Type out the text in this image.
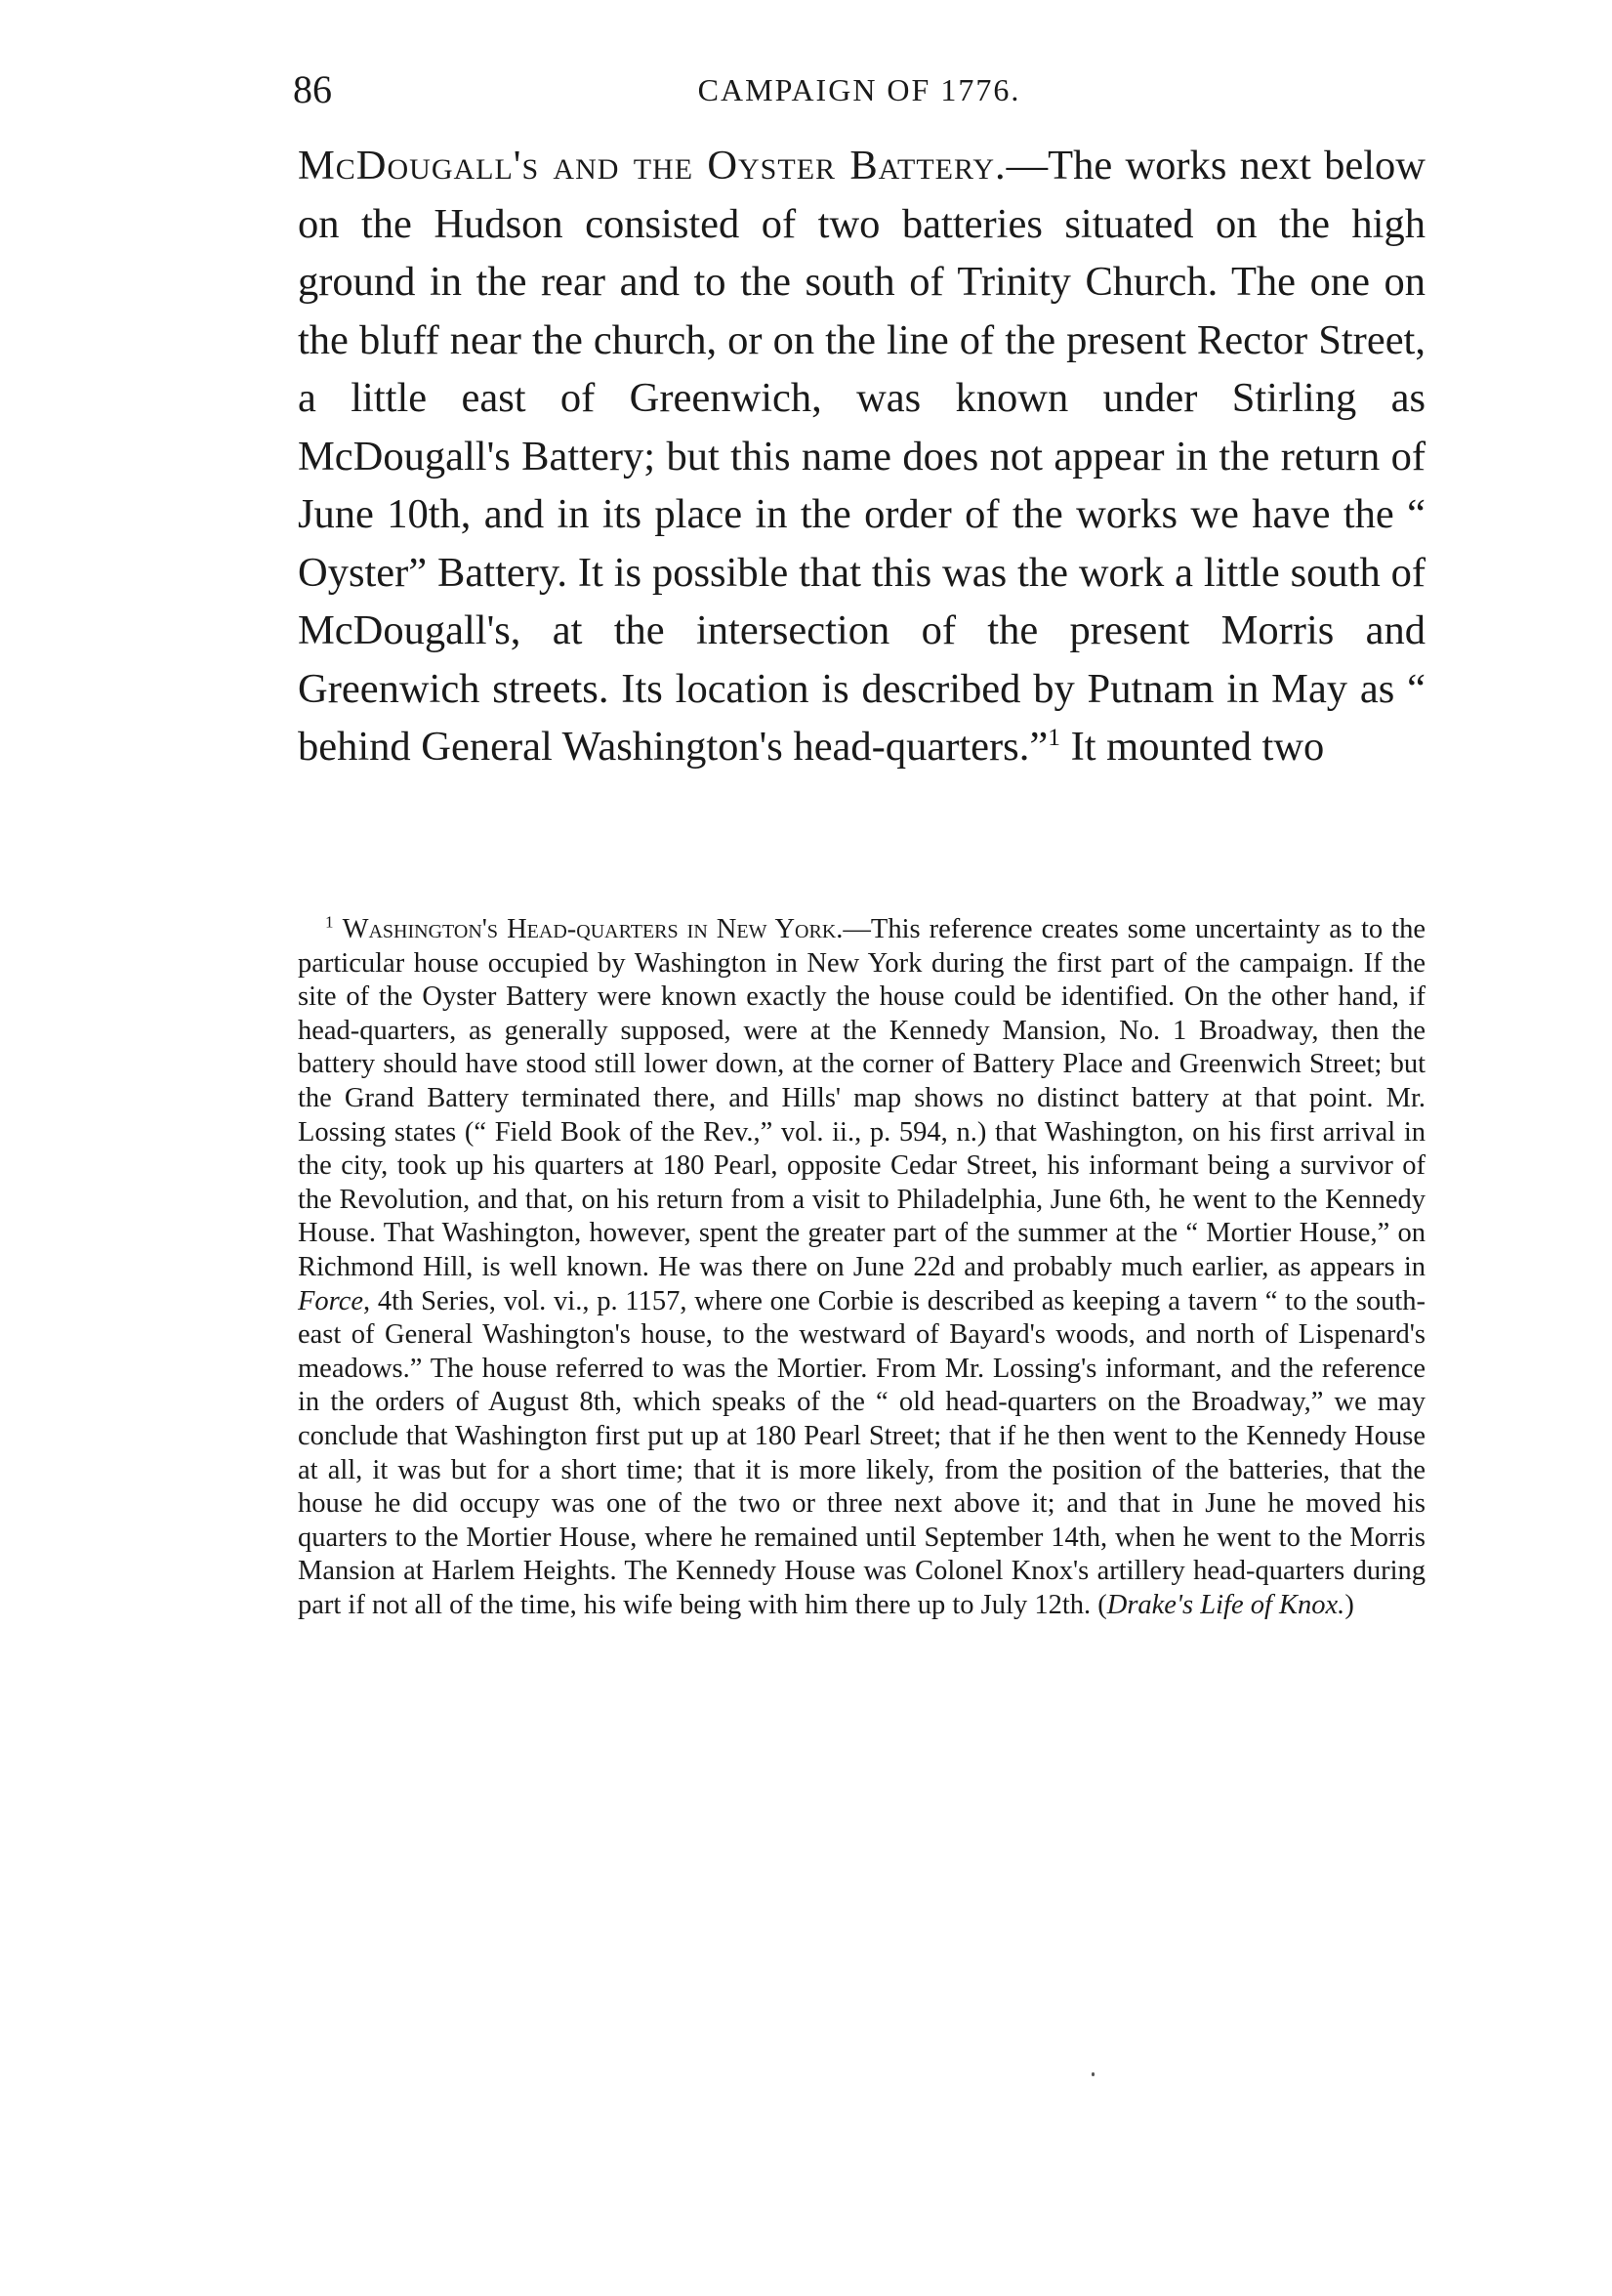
86	CAMPAIGN OF 1776.

McDougall's and the Oyster Battery.—The works next below on the Hudson consisted of two batteries situated on the high ground in the rear and to the south of Trinity Church. The one on the bluff near the church, or on the line of the present Rector Street, a little east of Greenwich, was known under Stirling as McDougall's Battery; but this name does not appear in the return of June 10th, and in its place in the order of the works we have the “ Oyster” Battery. It is possible that this was the work a little south of McDougall's, at the intersection of the present Morris and Greenwich streets. Its location is described by Putnam in May as “ behind General Washington's head-quarters.”$^1$ It mounted two

$^1$ Washington's Head-quarters in New York.—This reference creates some uncertainty as to the particular house occupied by Washington in New York during the first part of the campaign. If the site of the Oyster Battery were known exactly the house could be identified. On the other hand, if head-quarters, as generally supposed, were at the Kennedy Mansion, No. 1 Broadway, then the battery should have stood still lower down, at the corner of Battery Place and Greenwich Street; but the Grand Battery terminated there, and Hills' map shows no distinct battery at that point. Mr. Lossing states (“ Field Book of the Rev.,” vol. ii., p. 594, n.) that Washington, on his first arrival in the city, took up his quarters at 180 Pearl, opposite Cedar Street, his informant being a survivor of the Revolution, and that, on his return from a visit to Philadelphia, June 6th, he went to the Kennedy House. That Washington, however, spent the greater part of the summer at the “ Mortier House,” on Richmond Hill, is well known. He was there on June 22d and probably much earlier, as appears in Force, 4th Series, vol. vi., p. 1157, where one Corbie is described as keeping a tavern “ to the south-east of General Washington's house, to the westward of Bayard's woods, and north of Lispenard's meadows.” The house referred to was the Mortier. From Mr. Lossing's informant, and the reference in the orders of August 8th, which speaks of the “ old head-quarters on the Broadway,” we may conclude that Washington first put up at 180 Pearl Street; that if he then went to the Kennedy House at all, it was but for a short time; that it is more likely, from the position of the batteries, that the house he did occupy was one of the two or three next above it; and that in June he moved his quarters to the Mortier House, where he remained until September 14th, when he went to the Morris Mansion at Harlem Heights. The Kennedy House was Colonel Knox's artillery head-quarters during part if not all of the time, his wife being with him there up to July 12th. (Drake's Life of Knox.)
